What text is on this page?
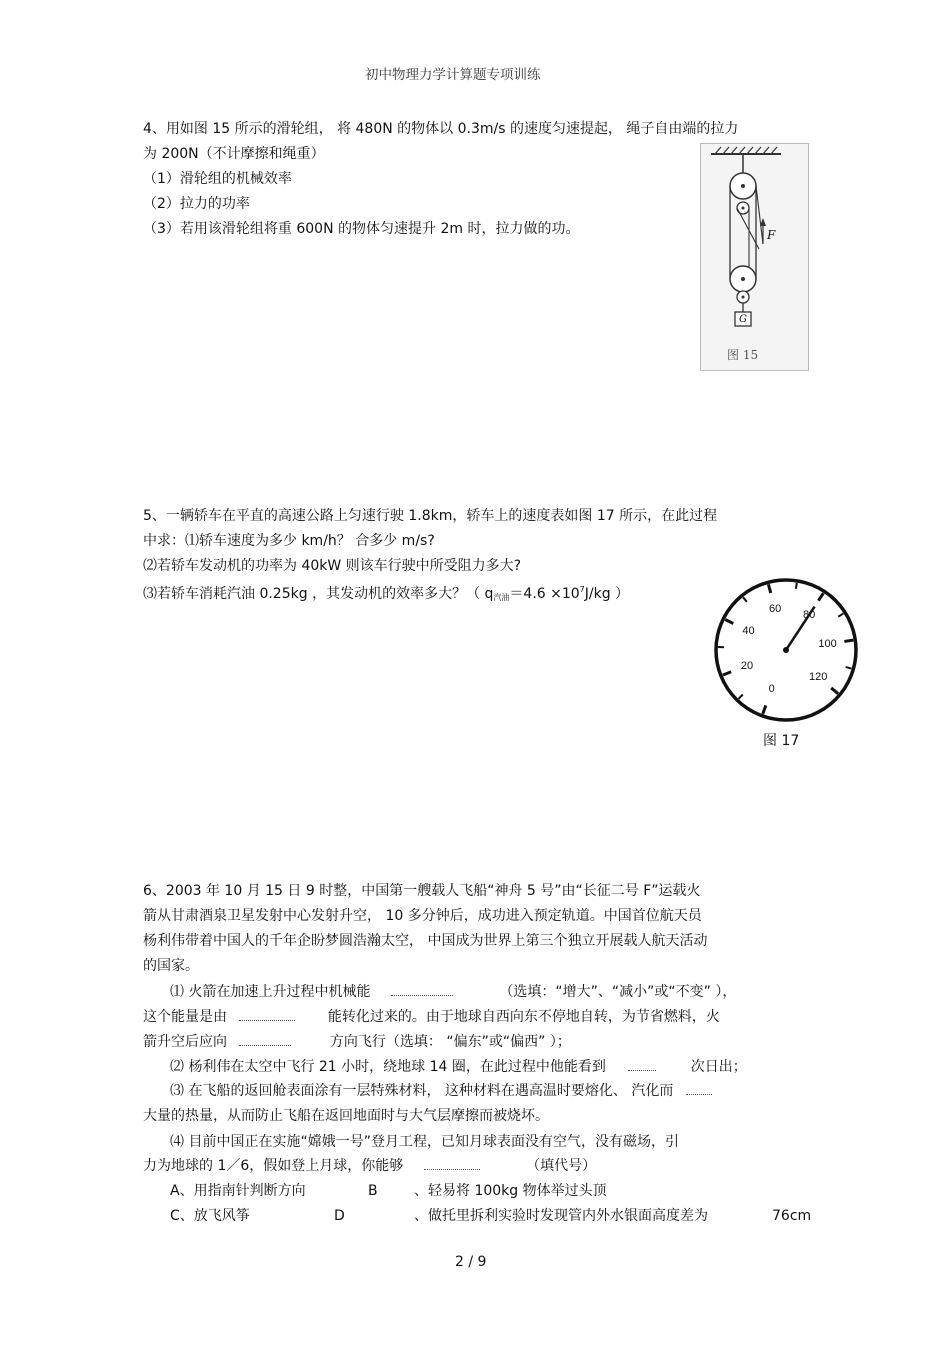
初中物理力学计算题专项训练
4、用如图 15 所示的滑轮组， 将 480N 的物体以 0.3m/s 的速度匀速提起， 绳子自由端的拉力
为 200N（不计摩擦和绳重）
（1）滑轮组的机械效率
（2）拉力的功率
（3）若用该滑轮组将重 600N 的物体匀速提升 2m 时，拉力做的功。	F
G
图 15
5、一辆轿车在平直的高速公路上匀速行驶 1.8km，轿车上的速度表如图 17 所示，在此过程
中求：⑴轿车速度为多少 km/h？ 合多少 m/s?
⑵若轿车发动机的功率为 40kW 则该车行驶中所受阻力多大?
⑶若轿车消耗汽油 0.25kg ，其发动机的效率多大？（ $q_{汽油}=4.6 \times 10^7J/kg$ ）
0
20
40
60	80
100
120
图 17
6、2003 年 10 月 15 日 9 时整，中国第一艘载人飞船“神舟 5 号”由“长征二号 F”运载火
箭从甘肃酒泉卫星发射中心发射升空， 10 多分钟后，成功进入预定轨道。中国首位航天员
杨利伟带着中国人的千年企盼梦圆浩瀚太空， 中国成为世界上第三个独立开展载人航天活动
的国家。
⑴ 火箭在加速上升过程中机械能	（选填：“增大”、“减小”或“不变” ），
这个能量是由	能转化过来的。由于地球自西向东不停地自转，为节省燃料，火
箭升空后应向	方向飞行（选填： “偏东”或“偏西” ）；
⑵ 杨利伟在太空中飞行 21 小时，绕地球 14 圈，在此过程中他能看到	次日出；
⑶ 在飞船的返回舱表面涂有一层特殊材料， 这种材料在遇高温时要熔化、 汽化而
大量的热量，从而防止飞船在返回地面时与大气层摩擦而被烧坏。
⑷ 目前中国正在实施“嫦娥一号”登月工程，已知月球表面没有空气，没有磁场，引
力为地球的 1／6，假如登上月球，你能够	（填代号）
A、用指南针判断方向	B	、轻易将 100kg 物体举过头顶
C、放飞风筝	D	、做托里拆利实验时发现管内外水银面高度差为	76cm
2 / 9
